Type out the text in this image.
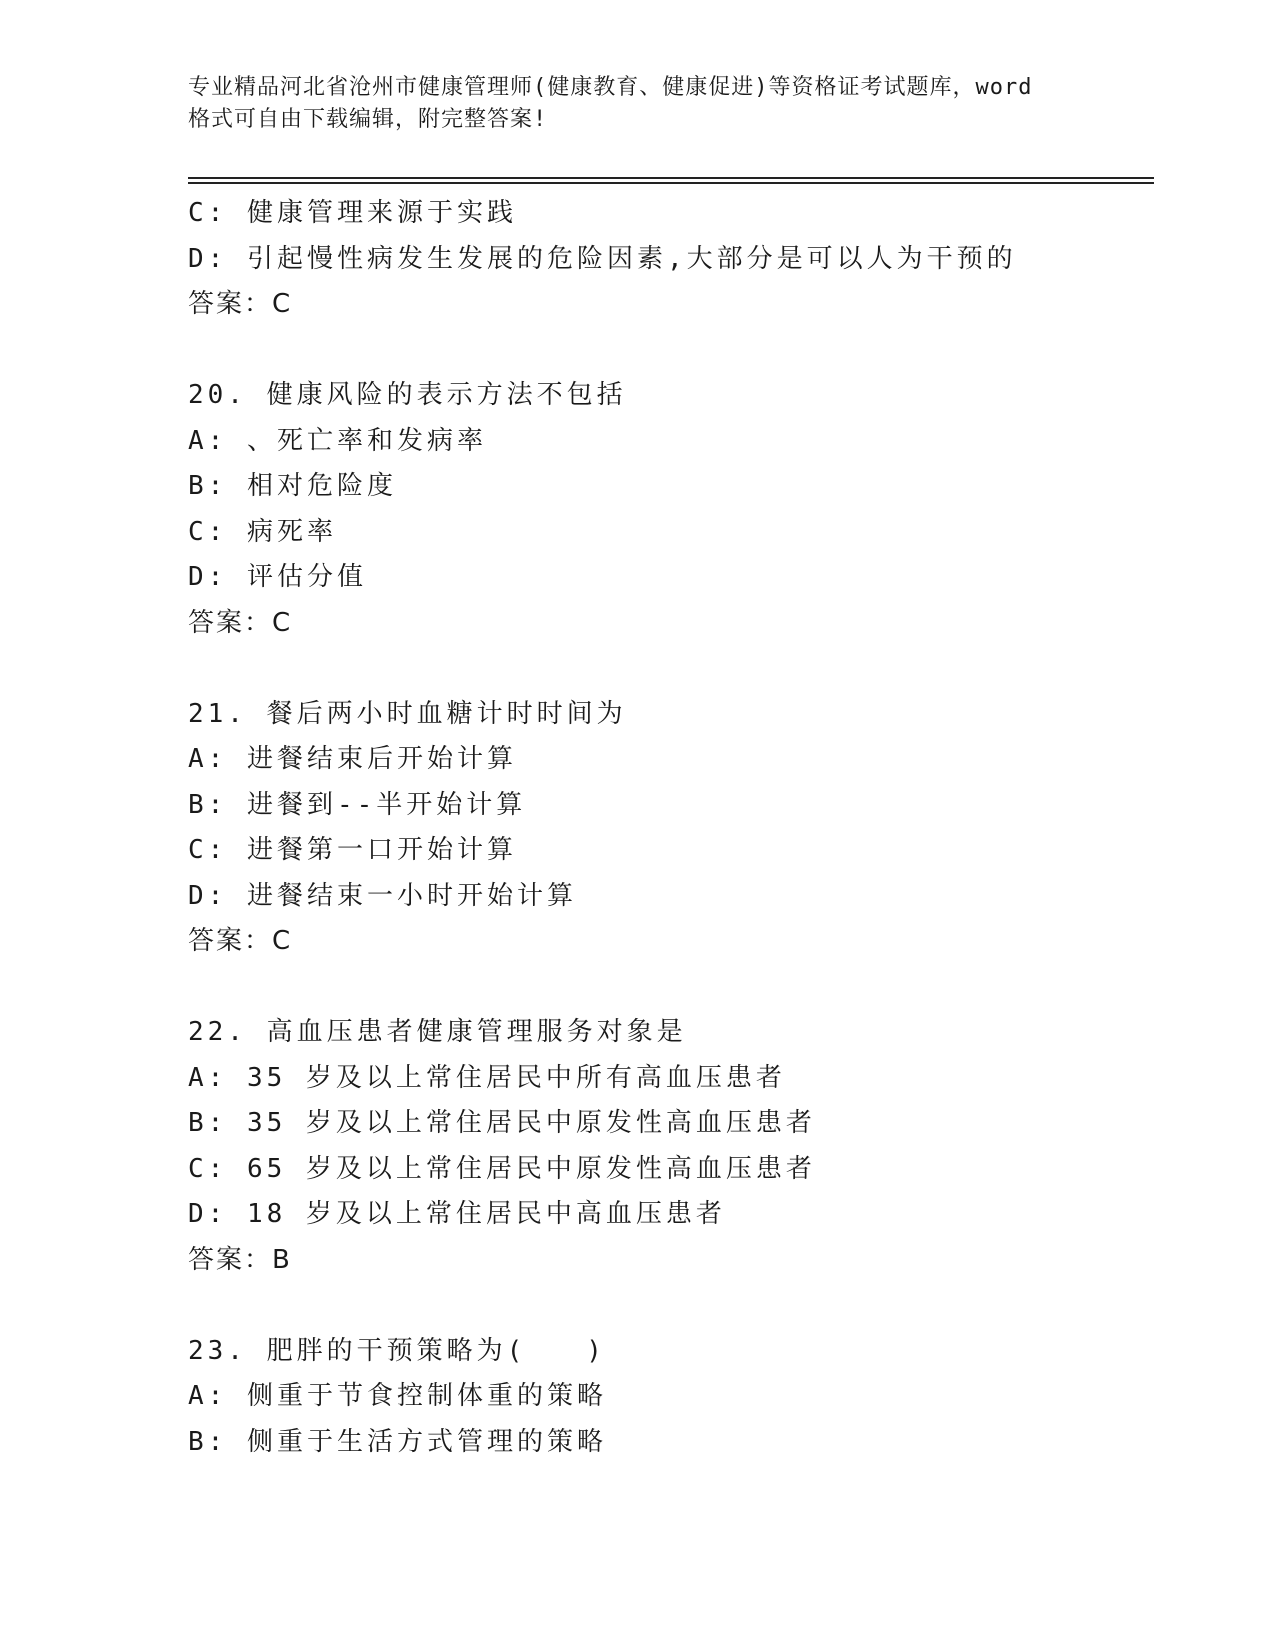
专业精品河北省沧州市健康管理师(健康教育、健康促进)等资格证考试题库，word
格式可自由下载编辑，附完整答案!
C: 健康管理来源于实践
D: 引起慢性病发生发展的危险因素,大部分是可以人为干预的
答案：C
20. 健康风险的表示方法不包括
A: 、死亡率和发病率
B: 相对危险度
C: 病死率
D: 评估分值
答案：C
21. 餐后两小时血糖计时时间为
A: 进餐结束后开始计算
B: 进餐到--半开始计算
C: 进餐第一口开始计算
D: 进餐结束一小时开始计算
答案：C
22. 高血压患者健康管理服务对象是
A: 35 岁及以上常住居民中所有高血压患者
B: 35 岁及以上常住居民中原发性高血压患者
C: 65 岁及以上常住居民中原发性高血压患者
D: 18 岁及以上常住居民中高血压患者
答案：B
23. 肥胖的干预策略为(　　)
A: 侧重于节食控制体重的策略
B: 侧重于生活方式管理的策略
